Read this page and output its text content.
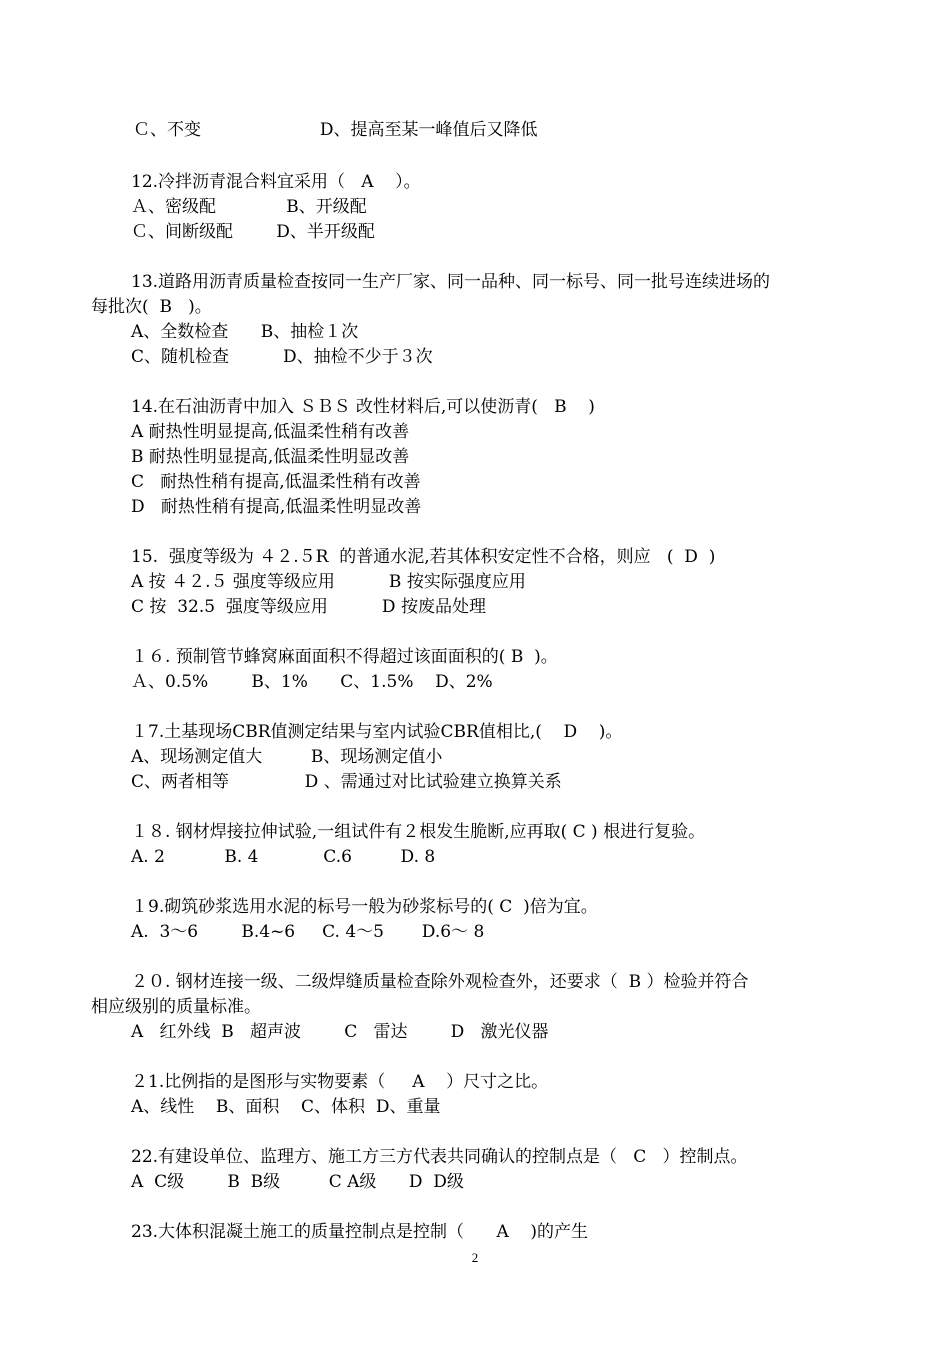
Ｃ、不变                      D、提高至某一峰值后又降低

12.冷拌沥青混合料宜采用（   A    ）。

Ａ、密级配             B、开级配

Ｃ、间断级配        D、半开级配

13.道路用沥青质量检查按同一生产厂家、同一品种、同一标号、同一批号连续进场的

每批次(  B   )。

A、全数检查      B、抽检１次

C、随机检查          D、抽检不少于３次

14.在石油沥青中加入 ＳＢＳ 改性材料后,可以使沥青(   B    )

A 耐热性明显提高,低温柔性稍有改善

B 耐热性明显提高,低温柔性明显改善

C   耐热性稍有提高,低温柔性稍有改善

D   耐热性稍有提高,低温柔性明显改善

15.  强度等级为 ４２.５R  的普通水泥,若其体积安定性不合格，则应   (  D  )

A 按 ４２.５ 强度等级应用          B 按实际强度应用

C 按  32.5  强度等级应用          D 按废品处理

１６. 预制管节蜂窝麻面面积不得超过该面面积的( B  )。

Ａ、0.5%        B、1%      C、1.5%    D、2%

１7.土基现场CBR值测定结果与室内试验CBR值相比,(    D    )。

A、现场测定值大         B、现场测定值小

C、两者相等              D 、需通过对比试验建立换算关系

１８. 钢材焊接拉伸试验,一组试件有２根发生脆断,应再取( C ) 根进行复验。

A. 2           B. 4            C.6         D. 8

１9.砌筑砂浆选用水泥的标号一般为砂浆标号的( C  )倍为宜。

A.  3～6        B.4~6     C. 4～5       D.6～ 8

２０. 钢材连接一级、二级焊缝质量检查除外观检查外，还要求（  B ）检验并符合

相应级别的质量标准。

A   红外线  B   超声波        C   雷达        D   激光仪器

２1.比例指的是图形与实物要素（     A    ）尺寸之比。

A、线性    B、面积    C、体积  D、重量

22.有建设单位、监理方、施工方三方代表共同确认的控制点是（   C   ）控制点。

A  C级        B  B级         C A级      D  D级

23.大体积混凝土施工的质量控制点是控制（      A    )的产生

2
